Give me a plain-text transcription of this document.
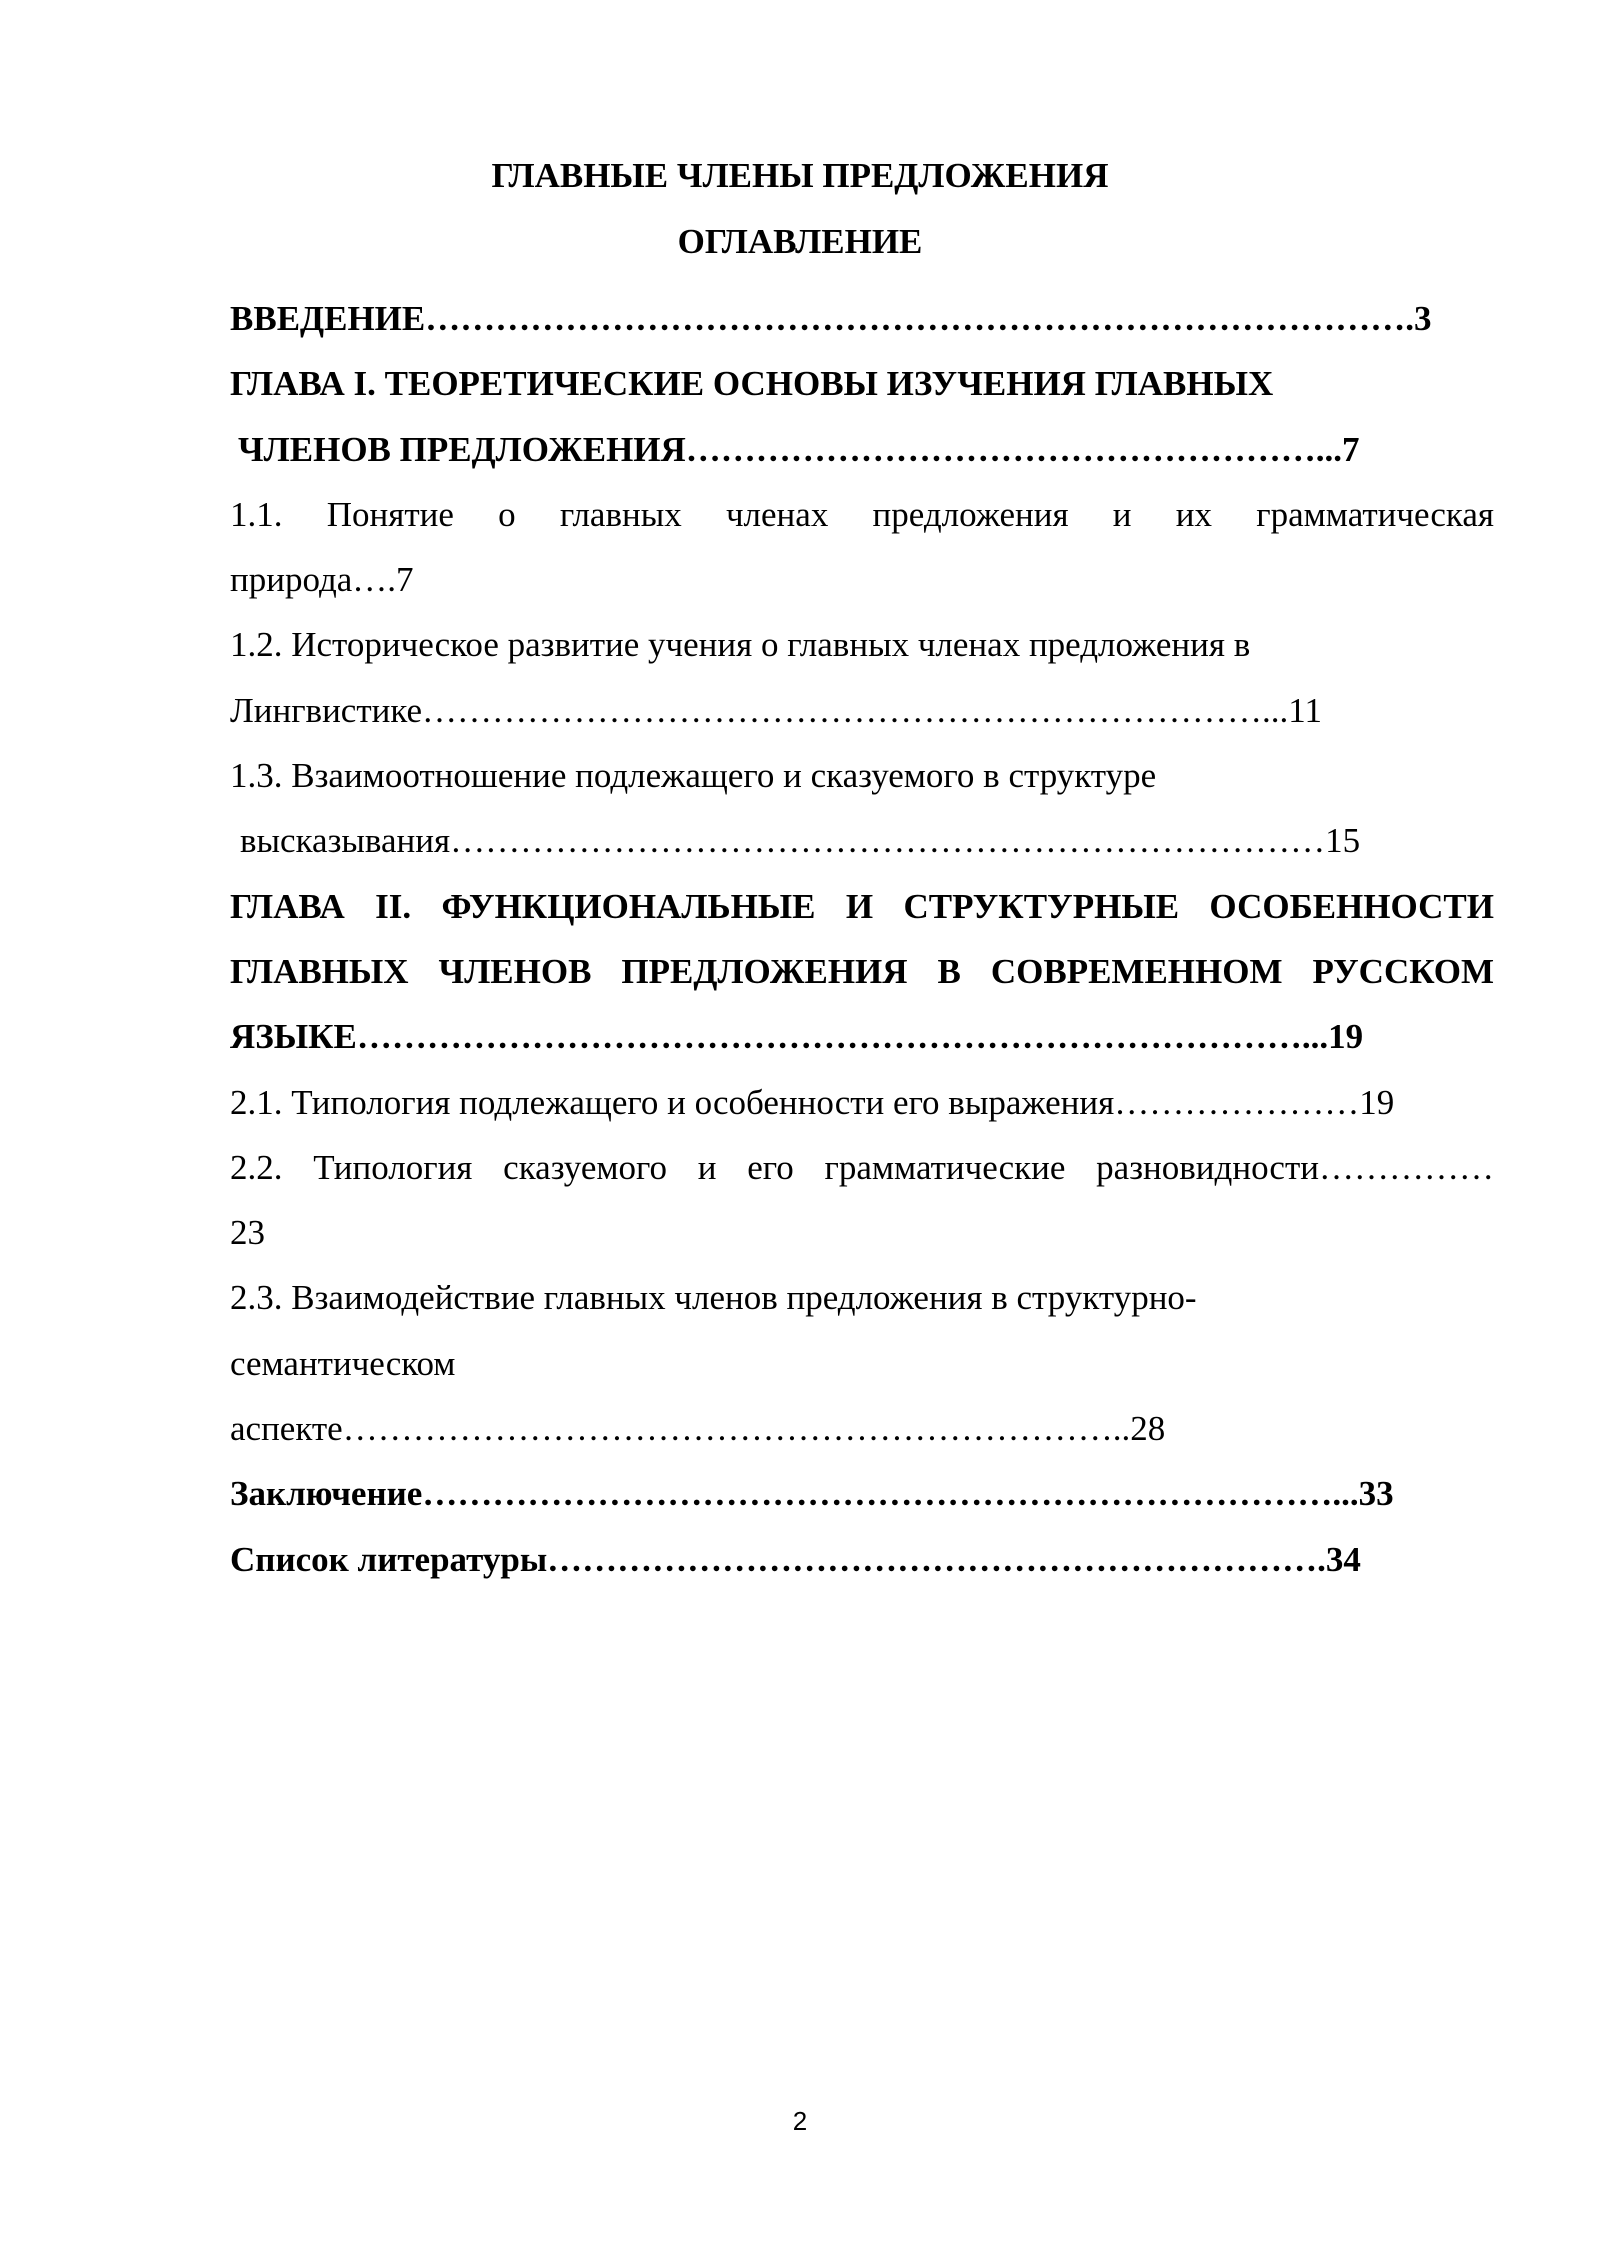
ГЛАВНЫЕ ЧЛЕНЫ ПРЕДЛОЖЕНИЯ
ОГЛАВЛЕНИЕ
ВВЕДЕНИЕ………………………………………………………………………….3
ГЛАВА I. ТЕОРЕТИЧЕСКИЕ ОСНОВЫ ИЗУЧЕНИЯ ГЛАВНЫХ
ЧЛЕНОВ ПРЕДЛОЖЕНИЯ………………………………………………...7
1.1. Понятие о главных членах предложения и их грамматическая
природа….7
1.2. Историческое развитие учения о главных членах предложения в
Лингвистике………………………………………………………………...11
1.3. Взаимоотношение подлежащего и сказуемого в структуре
высказывания…………………………………………………………………15
ГЛАВА II. ФУНКЦИОНАЛЬНЫЕ И СТРУКТУРНЫЕ ОСОБЕННОСТИ
ГЛАВНЫХ ЧЛЕНОВ ПРЕДЛОЖЕНИЯ В СОВРЕМЕННОМ РУССКОМ
ЯЗЫКЕ………………………………………………………………………...19
2.1. Типология подлежащего и особенности его выражения…………………19
2.2. Типология сказуемого и его грамматические разновидности……………
23
2.3. Взаимодействие главных членов предложения в структурно-
семантическом
аспекте…………………………………………………………..28
Заключение……………………………………………………………………...33
Список литературы………………………………………………………….34
2
